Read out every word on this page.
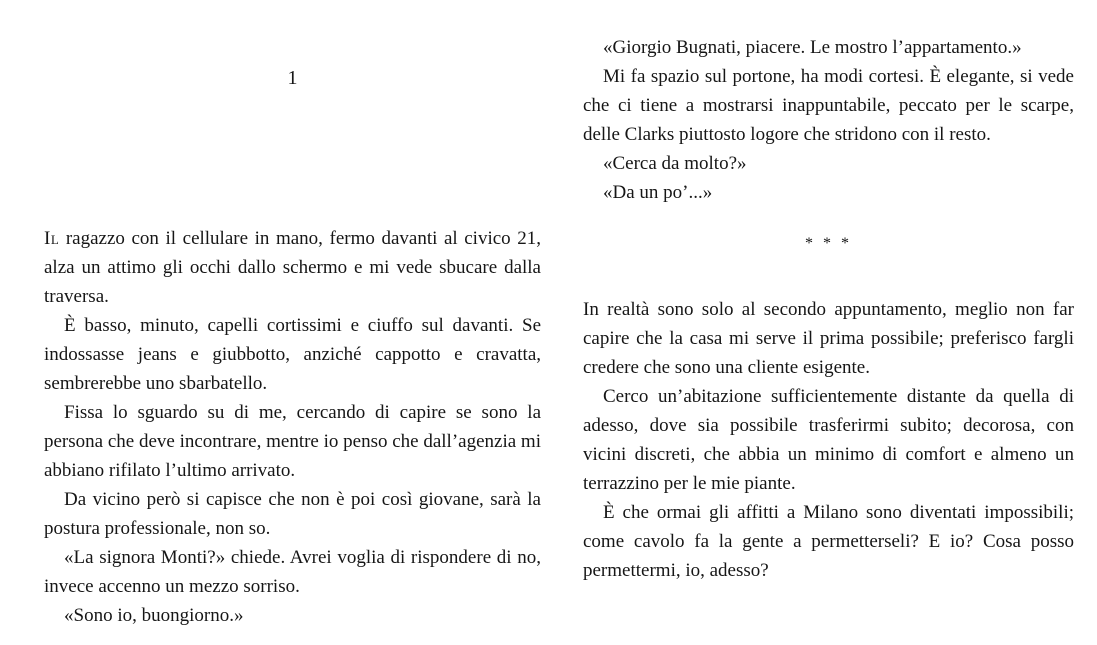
1

Il ragazzo con il cellulare in mano, fermo davanti al civico 21, alza un attimo gli occhi dallo schermo e mi vede sbucare dalla traversa.

È basso, minuto, capelli cortissimi e ciuffo sul davanti. Se indossasse jeans e giubbotto, anziché cappotto e cravatta, sembrerebbe uno sbarbatello.

Fissa lo sguardo su di me, cercando di capire se sono la persona che deve incontrare, mentre io penso che dall’agenzia mi abbiano rifilato l’ultimo arrivato.

Da vicino però si capisce che non è poi così giovane, sarà la postura professionale, non so.

«La signora Monti?» chiede. Avrei voglia di rispondere di no, invece accenno un mezzo sorriso.

«Sono io, buongiorno.»

«Giorgio Bugnati, piacere. Le mostro l’appartamento.»

Mi fa spazio sul portone, ha modi cortesi. È elegante, si vede che ci tiene a mostrarsi inappuntabile, peccato per le scarpe, delle Clarks piuttosto logore che stridono con il resto.

«Cerca da molto?»

«Da un po’...»

* * *

In realtà sono solo al secondo appuntamento, meglio non far capire che la casa mi serve il prima possibile; preferisco fargli credere che sono una cliente esigente.

Cerco un’abitazione sufficientemente distante da quella di adesso, dove sia possibile trasferirmi subito; decorosa, con vicini discreti, che abbia un minimo di comfort e almeno un terrazzino per le mie piante.

È che ormai gli affitti a Milano sono diventati impossibili; come cavolo fa la gente a permetterseli? E io? Cosa posso permettermi, io, adesso?
